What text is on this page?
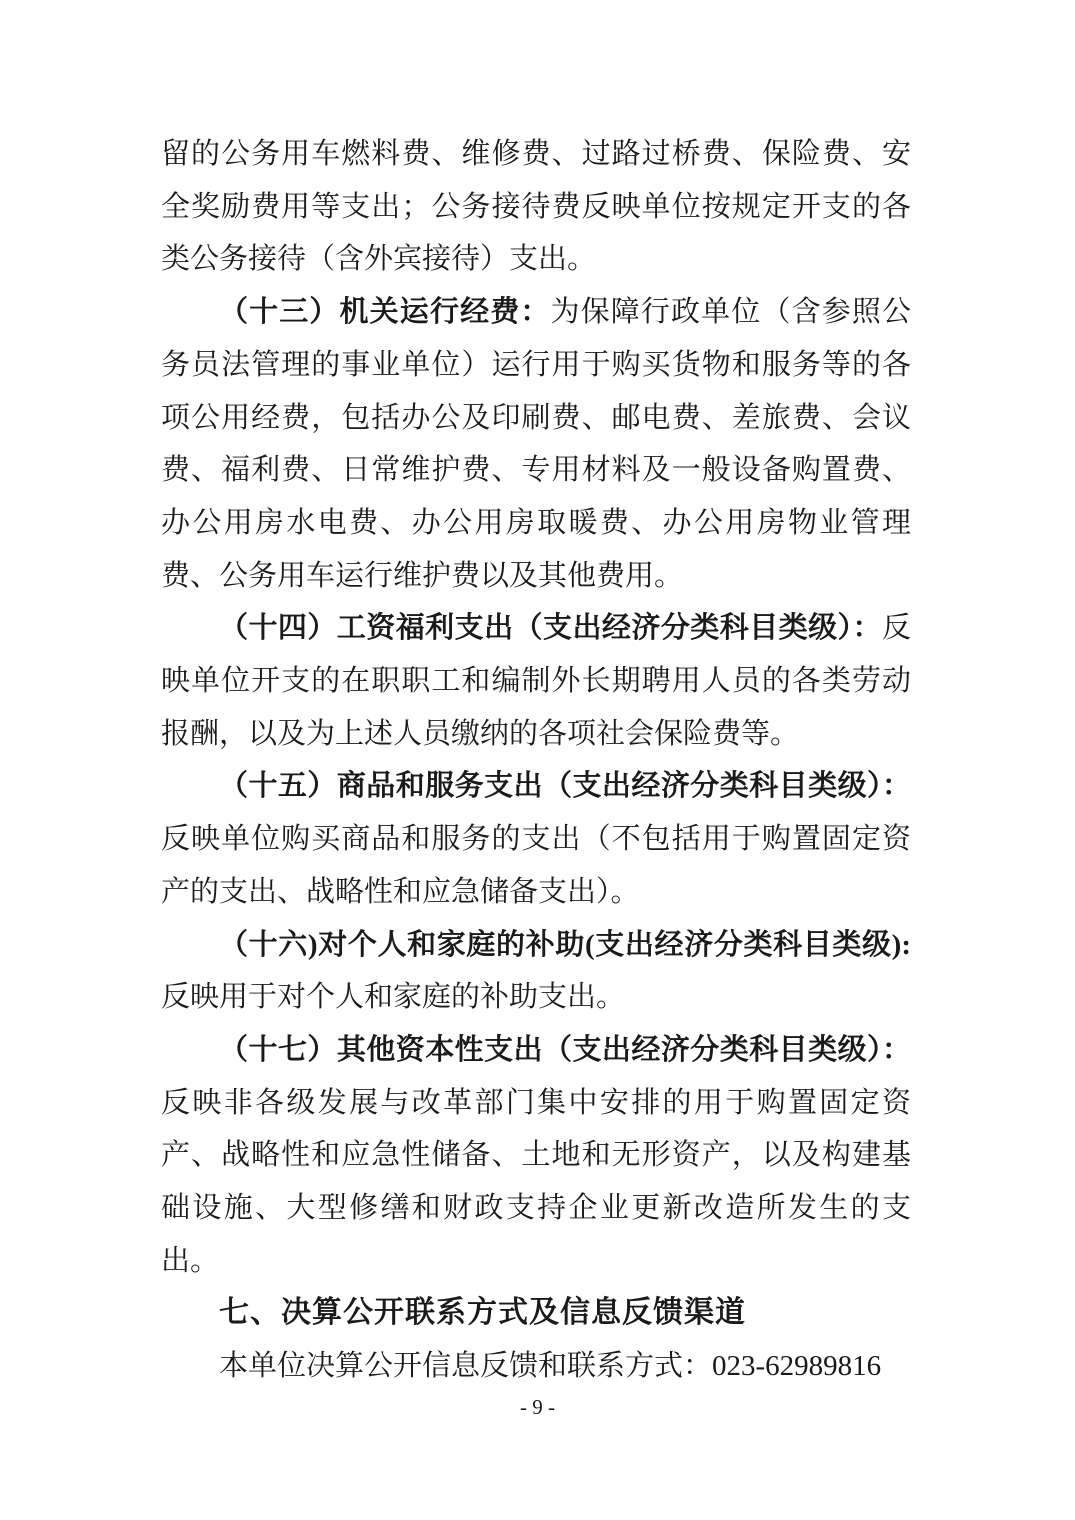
留的公务用车燃料费、维修费、过路过桥费、保险费、安全奖励费用等支出；公务接待费反映单位按规定开支的各类公务接待（含外宾接待）支出。

（十三）机关运行经费：为保障行政单位（含参照公务员法管理的事业单位）运行用于购买货物和服务等的各项公用经费，包括办公及印刷费、邮电费、差旅费、会议费、福利费、日常维护费、专用材料及一般设备购置费、办公用房水电费、办公用房取暖费、办公用房物业管理费、公务用车运行维护费以及其他费用。

（十四）工资福利支出（支出经济分类科目类级）：反映单位开支的在职职工和编制外长期聘用人员的各类劳动报酬，以及为上述人员缴纳的各项社会保险费等。

（十五）商品和服务支出（支出经济分类科目类级）：反映单位购买商品和服务的支出（不包括用于购置固定资产的支出、战略性和应急储备支出）。

（十六)对个人和家庭的补助(支出经济分类科目类级):反映用于对个人和家庭的补助支出。

（十七）其他资本性支出（支出经济分类科目类级）：反映非各级发展与改革部门集中安排的用于购置固定资产、战略性和应急性储备、土地和无形资产，以及构建基础设施、大型修缮和财政支持企业更新改造所发生的支出。

七、决算公开联系方式及信息反馈渠道

本单位决算公开信息反馈和联系方式：023-62989816

- 9 -
